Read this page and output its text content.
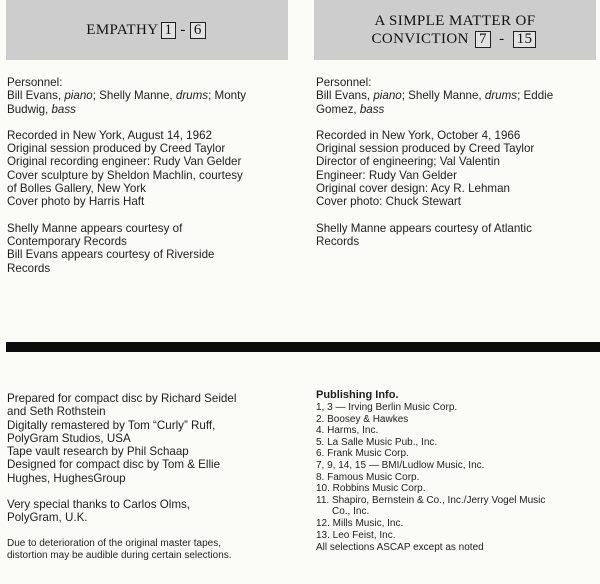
EMPATHY 1 - 6
A SIMPLE MATTER OF
CONVICTION 7 - 15

Personnel:

Bill Evans, piano; Shelly Manne, drums; Monty

Budwig, bass

Recorded in New York, August 14, 1962

Original session produced by Creed Taylor

Original recording engineer: Rudy Van Gelder

Cover sculpture by Sheldon Machlin, courtesy

of Bolles Gallery, New York

Cover photo by Harris Haft

Shelly Manne appears courtesy of

Contemporary Records

Bill Evans appears courtesy of Riverside

Records

Personnel:

Bill Evans, piano; Shelly Manne, drums; Eddie

Gomez, bass

Recorded in New York, October 4, 1966

Original session produced by Creed Taylor

Director of engineering; Val Valentin

Engineer: Rudy Van Gelder

Original cover design: Acy R. Lehman

Cover photo: Chuck Stewart

Shelly Manne appears courtesy of Atlantic

Records

Prepared for compact disc by Richard Seidel

and Seth Rothstein

Digitally remastered by Tom “Curly” Ruff,

PolyGram Studios, USA

Tape vault research by Phil Schaap

Designed for compact disc by Tom & Ellie

Hughes, HughesGroup

Very special thanks to Carlos Olms,

PolyGram, U.K.

Due to deterioration of the original master tapes,

distortion may be audible during certain selections.

Publishing Info.
1, 3 — Irving Berlin Music Corp.
2. Boosey & Hawkes
4. Harms, Inc.
5. La Salle Music Pub., Inc.
6. Frank Music Corp.
7, 9, 14, 15 — BMI/Ludlow Music, Inc.
8. Famous Music Corp.
10. Robbins Music Corp.
11. Shapiro, Bernstein & Co., Inc./Jerry Vogel Music
Co., Inc.
12. Mills Music, Inc.
13. Leo Feist, Inc.
All selections ASCAP except as noted
